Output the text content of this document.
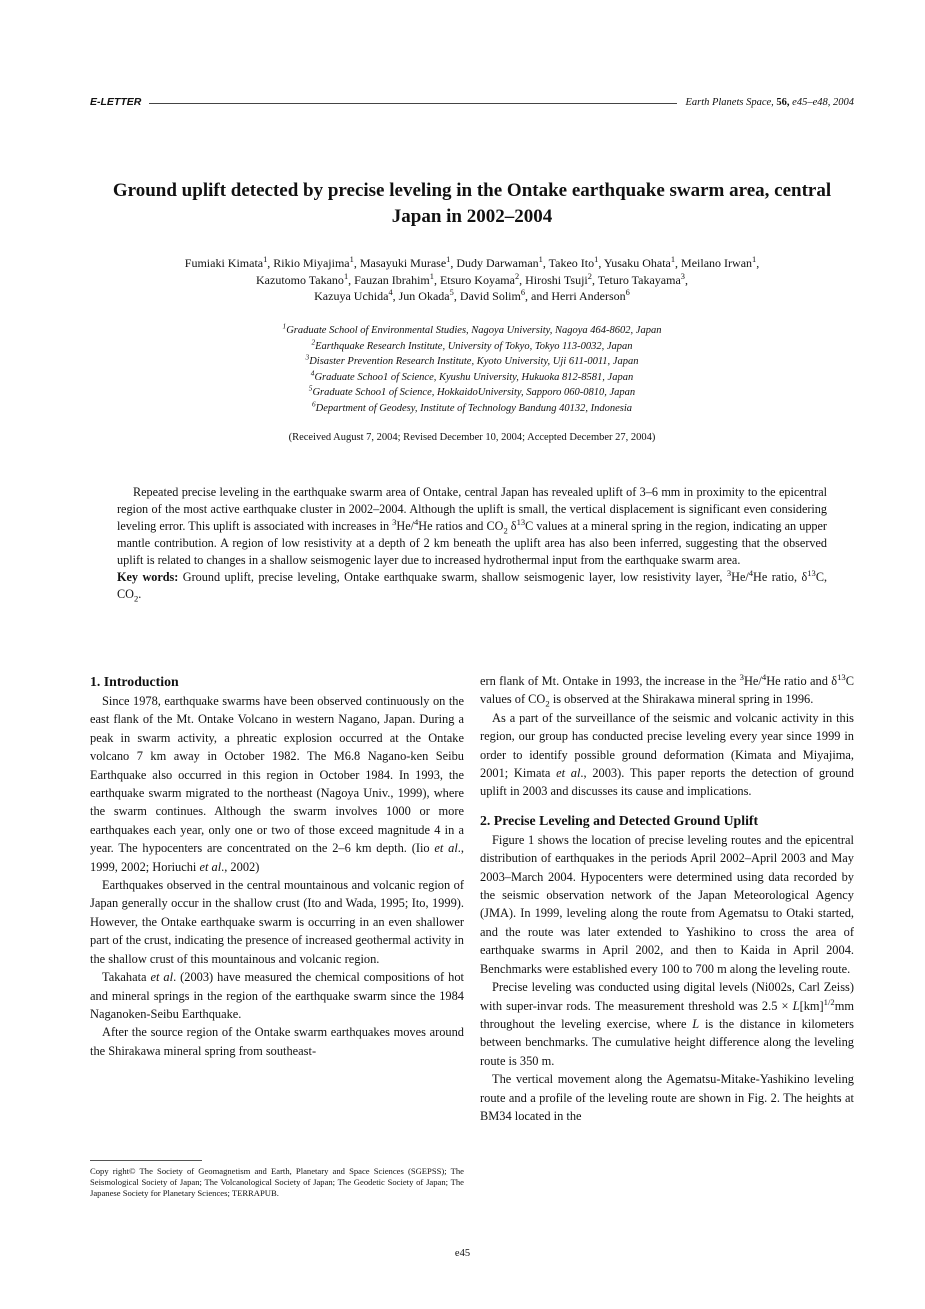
E-LETTER	Earth Planets Space, 56, e45–e48, 2004
Ground uplift detected by precise leveling in the Ontake earthquake swarm area, central Japan in 2002–2004
Fumiaki Kimata$^1$, Rikio Miyajima$^1$, Masayuki Murase$^1$, Dudy Darwaman$^1$, Takeo Ito$^1$, Yusaku Ohata$^1$, Meilano Irwan$^1$,
Kazutomo Takano$^1$, Fauzan Ibrahim$^1$, Etsuro Koyama$^2$, Hiroshi Tsuji$^2$, Teturo Takayama$^3$,
Kazuya Uchida$^4$, Jun Okada$^5$, David Solim$^6$, and Herri Anderson$^6$
$^1$Graduate School of Environmental Studies, Nagoya University, Nagoya 464-8602, Japan
$^2$Earthquake Research Institute, University of Tokyo, Tokyo 113-0032, Japan
$^3$Disaster Prevention Research Institute, Kyoto University, Uji 611-0011, Japan
$^4$Graduate Schoo1 of Science, Kyushu University, Hukuoka 812-8581, Japan
$^5$Graduate Schoo1 of Science, HokkaidoUniversity, Sapporo 060-0810, Japan
$^6$Department of Geodesy, Institute of Technology Bandung 40132, Indonesia
(Received August 7, 2004; Revised December 10, 2004; Accepted December 27, 2004)

Repeated precise leveling in the earthquake swarm area of Ontake, central Japan has revealed uplift of 3–6 mm in proximity to the epicentral region of the most active earthquake cluster in 2002–2004. Although the uplift is small, the vertical displacement is significant even considering leveling error. This uplift is associated with increases in $^3$He/$^4$He ratios and $CO_2$ $\delta^{13}C$ values at a mineral spring in the region, indicating an upper mantle contribution. A region of low resistivity at a depth of 2 km beneath the uplift area has also been inferred, suggesting that the observed uplift is related to changes in a shallow seismogenic layer due to increased hydrothermal input from the earthquake swarm area.

Key words: Ground uplift, precise leveling, Ontake earthquake swarm, shallow seismogenic layer, low resistivity layer, $^3$He/$^4$He ratio, $\delta^{13}C$, $CO_2$.

1. Introduction

Since 1978, earthquake swarms have been observed continuously on the east flank of the Mt. Ontake Volcano in western Nagano, Japan. During a peak in swarm activity, a phreatic explosion occurred at the Ontake volcano 7 km away in October 1982. The M6.8 Nagano-ken Seibu Earthquake also occurred in this region in October 1984. In 1993, the earthquake swarm migrated to the northeast (Nagoya Univ., 1999), where the swarm continues. Although the swarm involves 1000 or more earthquakes each year, only one or two of those exceed magnitude 4 in a year. The hypocenters are concentrated on the 2–6 km depth. (Iio et al., 1999, 2002; Horiuchi et al., 2002)

Earthquakes observed in the central mountainous and volcanic region of Japan generally occur in the shallow crust (Ito and Wada, 1995; Ito, 1999). However, the Ontake earthquake swarm is occurring in an even shallower part of the crust, indicating the presence of increased geothermal activity in the shallow crust of this mountainous and volcanic region.

Takahata et al. (2003) have measured the chemical compositions of hot and mineral springs in the region of the earthquake swarm since the 1984 Naganoken-Seibu Earthquake.

After the source region of the Ontake swarm earthquakes moves around the Shirakawa mineral spring from southeast-

ern flank of Mt. Ontake in 1993, the increase in the $^3$He/$^4$He ratio and $\delta^{13}C$ values of $CO_2$ is observed at the Shirakawa mineral spring in 1996.

As a part of the surveillance of the seismic and volcanic activity in this region, our group has conducted precise leveling every year since 1999 in order to identify possible ground deformation (Kimata and Miyajima, 2001; Kimata et al., 2003). This paper reports the detection of ground uplift in 2003 and discusses its cause and implications.

2. Precise Leveling and Detected Ground Uplift

Figure 1 shows the location of precise leveling routes and the epicentral distribution of earthquakes in the periods April 2002–April 2003 and May 2003–March 2004. Hypocenters were determined using data recorded by the seismic observation network of the Japan Meteorological Agency (JMA). In 1999, leveling along the route from Agematsu to Otaki started, and the route was later extended to Yashikino to cross the area of earthquake swarms in April 2002, and then to Kaida in April 2004. Benchmarks were established every 100 to 700 m along the leveling route.

Precise leveling was conducted using digital levels (Ni002s, Carl Zeiss) with super-invar rods. The measurement threshold was 2.5 × L[km]$^{1/2}$mm throughout the leveling exercise, where L is the distance in kilometers between benchmarks. The cumulative height difference along the leveling route is 350 m.

The vertical movement along the Agematsu-Mitake-Yashikino leveling route and a profile of the leveling route are shown in Fig. 2. The heights at BM34 located in the

Copy right© The Society of Geomagnetism and Earth, Planetary and Space Sciences (SGEPSS); The Seismological Society of Japan; The Volcanological Society of Japan; The Geodetic Society of Japan; The Japanese Society for Planetary Sciences; TERRAPUB.
e45
